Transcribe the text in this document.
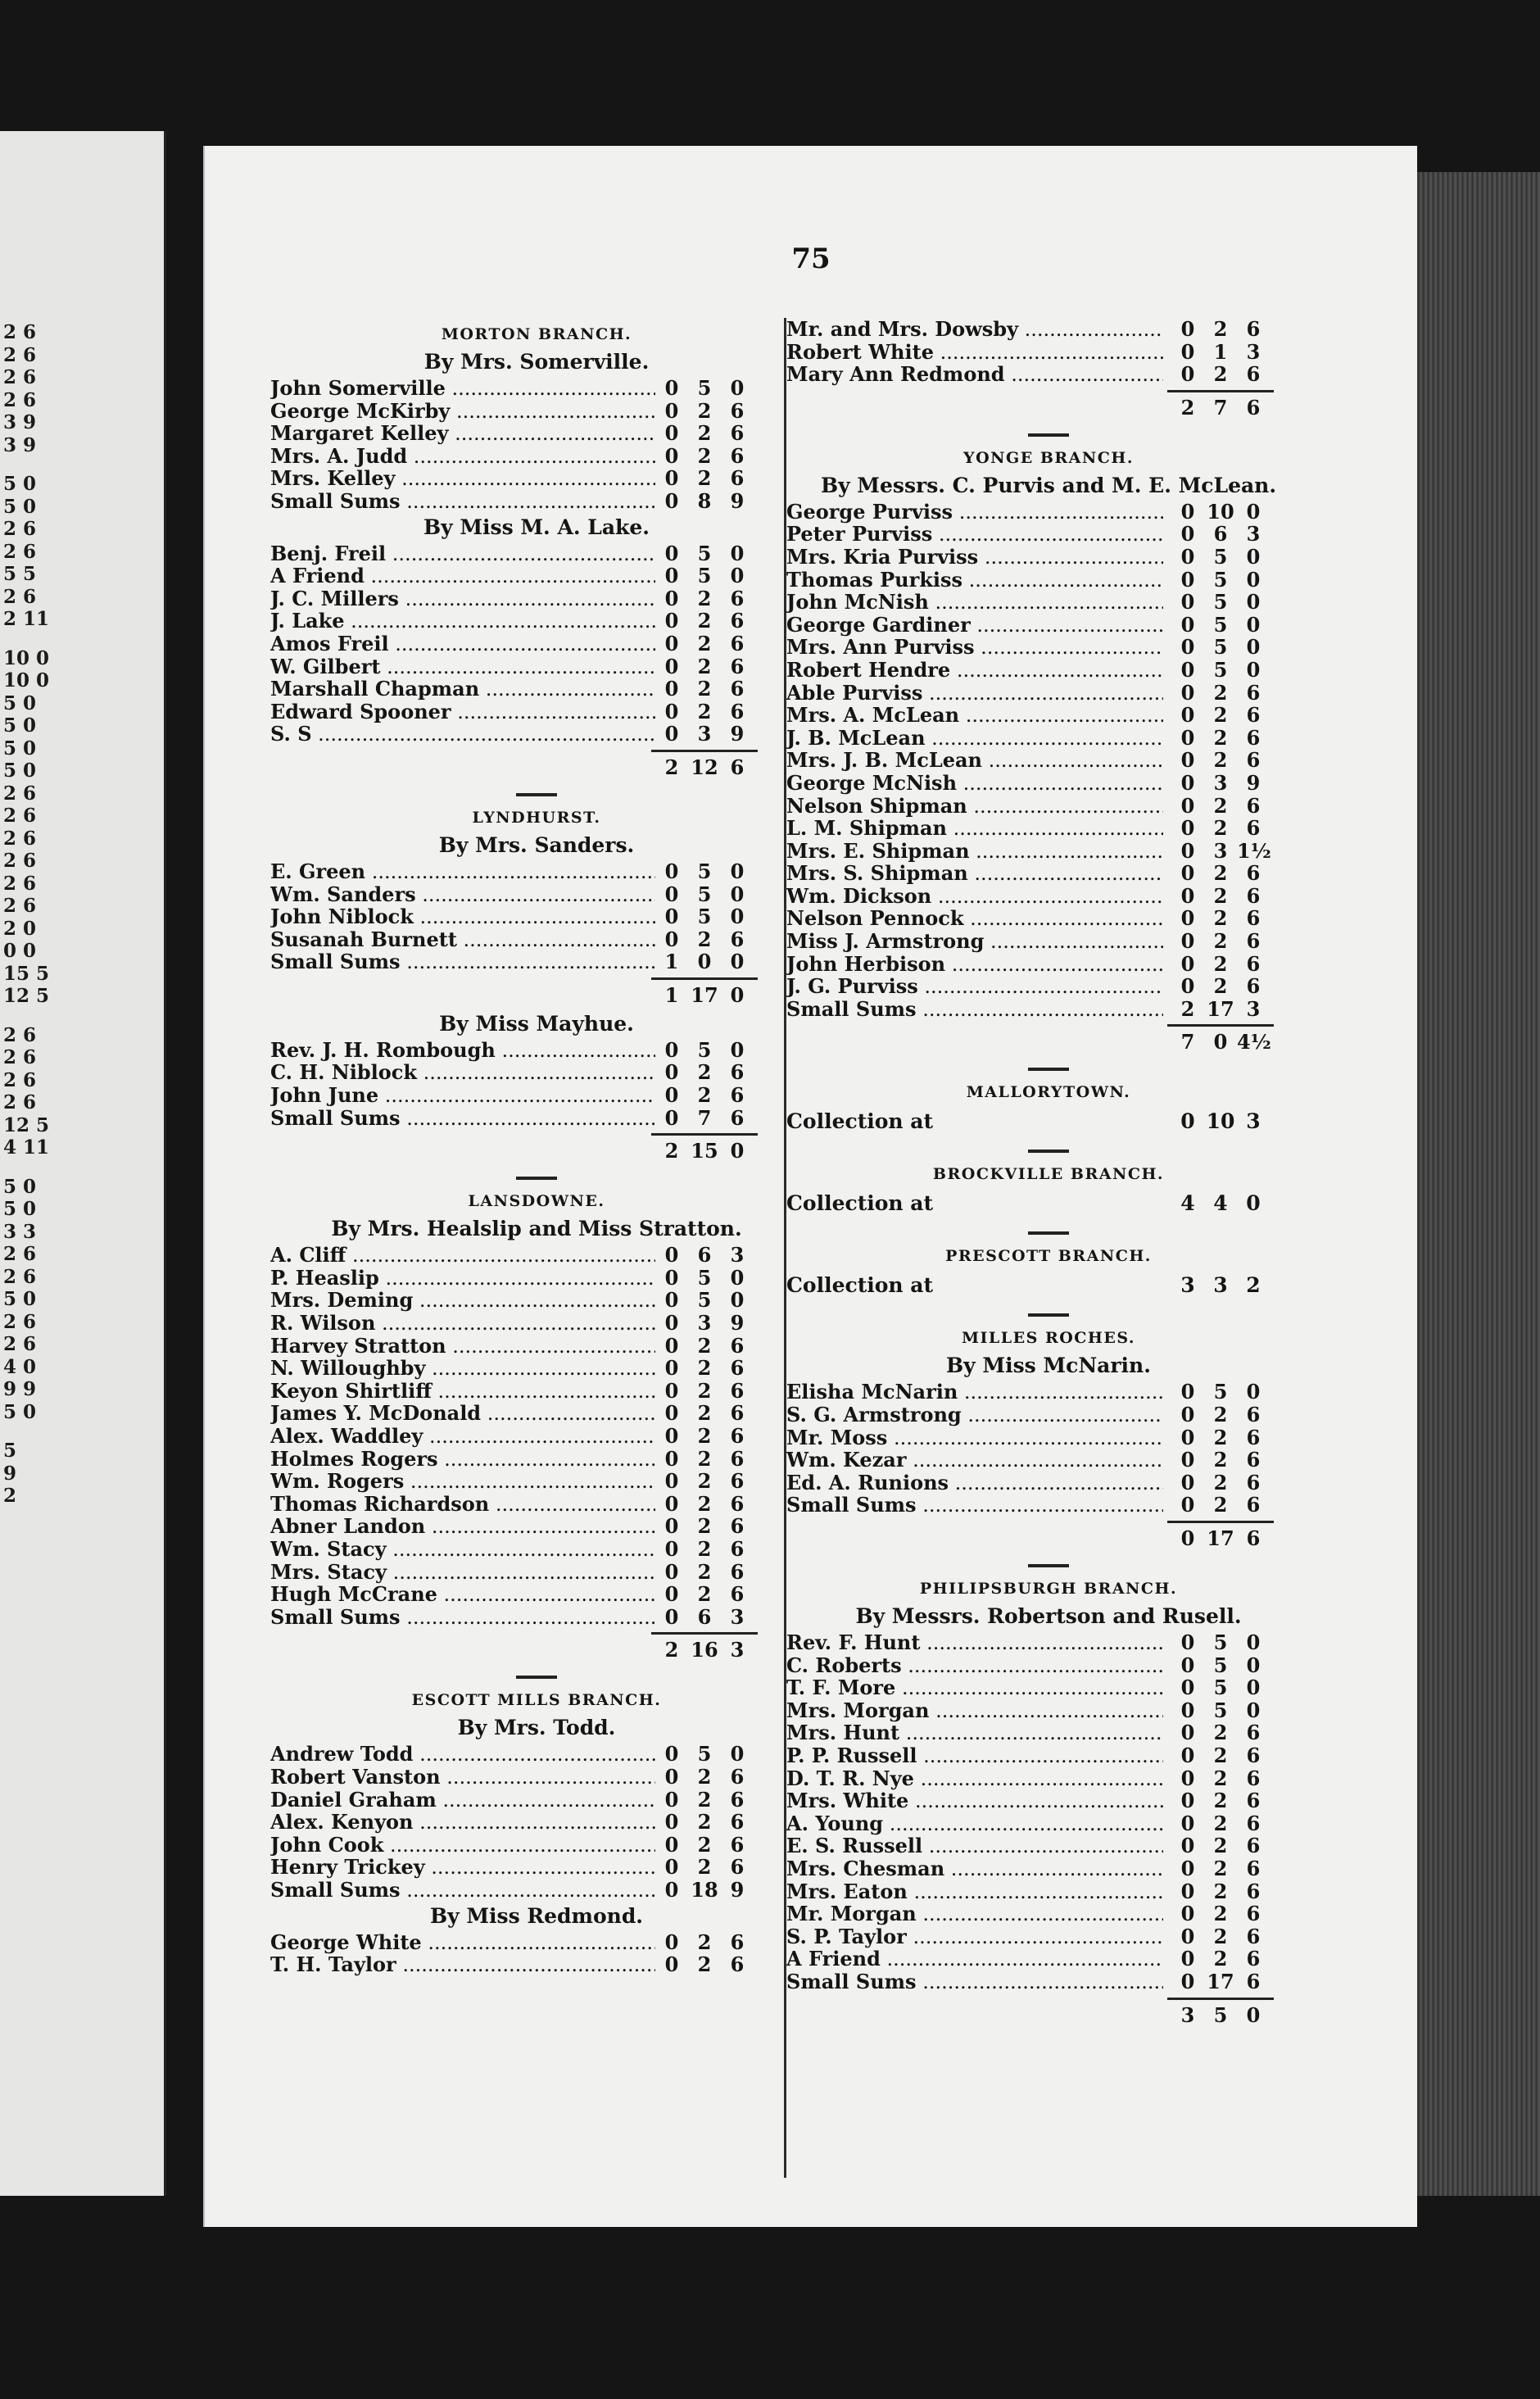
2 6
2 6
2 6
2 6
3 9
3 9
5 0
5 0
2 6
2 6
5 5
2 6
2 11
10 0
10 0
5 0
5 0
5 0
5 0
2 6
2 6
2 6
2 6
2 6
2 6
2 0
0 0
15 5
12 5
2 6
2 6
2 6
2 6
12 5
4 11
5 0
5 0
3 3
2 6
2 6
5 0
2 6
2 6
4 0
9 9
5 0
5
9
2
75
MORTON BRANCH.
By Mrs. Somerville.
John Somerville .....	0 5 0
George McKirby .....	0 2 6
Margaret Kelley .....	0 2 6
Mrs. A. Judd .....	0 2 6
Mrs. Kelley .....	0 2 6
Small Sums .....	0 8 9
By Miss M. A. Lake.
Benj. Freil .....	0 5 0
A Friend .....	0 5 0
J. C. Millers .....	0 2 6
J. Lake .....	0 2 6
Amos Freil .....	0 2 6
W. Gilbert .....	0 2 6
Marshall Chapman .....	0 2 6
Edward Spooner .....	0 2 6
S. S .....	0 3 9
2 12 6
LYNDHURST.
By Mrs. Sanders.
E. Green .....	0 5 0
Wm. Sanders .....	0 5 0
John Niblock .....	0 5 0
Susanah Burnett .....	0 2 6
Small Sums .....	1 0 0
1 17 0
By Miss Mayhue.
Rev. J. H. Rombough .....	0 5 0
C. H. Niblock .....	0 2 6
John June .....	0 2 6
Small Sums .....	0 7 6
2 15 0
LANSDOWNE.
By Mrs. Healslip and Miss Stratton.
A. Cliff .....	0 6 3
P. Heaslip .....	0 5 0
Mrs. Deming .....	0 5 0
R. Wilson .....	0 3 9
Harvey Stratton .....	0 2 6
N. Willoughby .....	0 2 6
Keyon Shirtliff .....	0 2 6
James Y. McDonald .....	0 2 6
Alex. Waddley .....	0 2 6
Holmes Rogers .....	0 2 6
Wm. Rogers .....	0 2 6
Thomas Richardson .....	0 2 6
Abner Landon .....	0 2 6
Wm. Stacy .....	0 2 6
Mrs. Stacy .....	0 2 6
Hugh McCrane .....	0 2 6
Small Sums .....	0 6 3
2 16 3
ESCOTT MILLS BRANCH.
By Mrs. Todd.
Andrew Todd .....	0 5 0
Robert Vanston .....	0 2 6
Daniel Graham .....	0 2 6
Alex. Kenyon .....	0 2 6
John Cook .....	0 2 6
Henry Trickey .....	0 2 6
Small Sums .....	0 18 9
By Miss Redmond.
George White .....	0 2 6
T. H. Taylor .....	0 2 6
Mr. and Mrs. Dowsby .....	0 2 6
Robert White .....	0 1 3
Mary Ann Redmond .....	0 2 6
2 7 6
YONGE BRANCH.
By Messrs. C. Purvis and M. E. McLean.
George Purviss .....	0 10 0
Peter Purviss .....	0 6 3
Mrs. Kria Purviss .....	0 5 0
Thomas Purkiss .....	0 5 0
John McNish .....	0 5 0
George Gardiner .....	0 5 0
Mrs. Ann Purviss .....	0 5 0
Robert Hendre .....	0 5 0
Able Purviss .....	0 2 6
Mrs. A. McLean .....	0 2 6
J. B. McLean .....	0 2 6
Mrs. J. B. McLean .....	0 2 6
George McNish .....	0 3 9
Nelson Shipman .....	0 2 6
L. M. Shipman .....	0 2 6
Mrs. E. Shipman .....	0 3 1½
Mrs. S. Shipman .....	0 2 6
Wm. Dickson .....	0 2 6
Nelson Pennock .....	0 2 6
Miss J. Armstrong .....	0 2 6
John Herbison .....	0 2 6
J. G. Purviss .....	0 2 6
Small Sums .....	2 17 3
7 0 4½
MALLORYTOWN.
Collection at	0 10 3
BROCKVILLE BRANCH.
Collection at	4 4 0
PRESCOTT BRANCH.
Collection at	3 3 2
MILLES ROCHES.
By Miss McNarin.
Elisha McNarin .....	0 5 0
S. G. Armstrong .....	0 2 6
Mr. Moss .....	0 2 6
Wm. Kezar .....	0 2 6
Ed. A. Runions .....	0 2 6
Small Sums .....	0 2 6
0 17 6
PHILIPSBURGH BRANCH.
By Messrs. Robertson and Rusell.
Rev. F. Hunt .....	0 5 0
C. Roberts .....	0 5 0
T. F. More .....	0 5 0
Mrs. Morgan .....	0 5 0
Mrs. Hunt .....	0 2 6
P. P. Russell .....	0 2 6
D. T. R. Nye .....	0 2 6
Mrs. White .....	0 2 6
A. Young .....	0 2 6
E. S. Russell .....	0 2 6
Mrs. Chesman .....	0 2 6
Mrs. Eaton .....	0 2 6
Mr. Morgan .....	0 2 6
S. P. Taylor .....	0 2 6
A Friend .....	0 2 6
Small Sums .....	0 17 6
3 5 0
